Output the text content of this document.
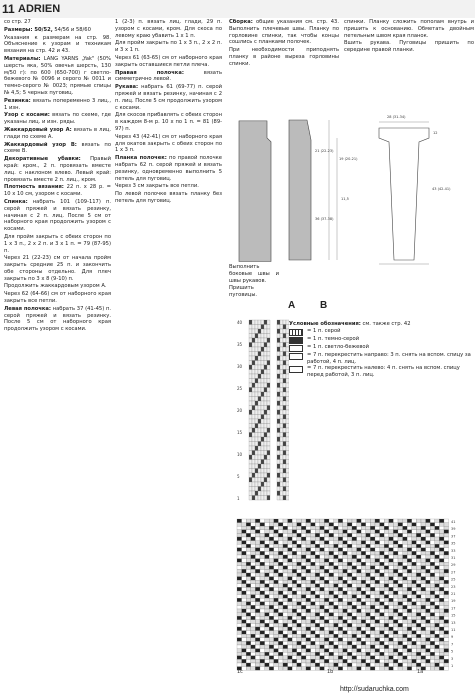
11 ADRIEN

со стр. 27

Размеры: 50/52, 54/56 и 58/60

Указания к размерам на стр. 98. Объяснение к узорам и техникам вязания на стр. 42 и 43.

Материалы: LANG YARNS „Yak" (50% шерсть яка, 50% овечья шерсть, 130 м/50 г): по 600 (650-700) г светло-бежевого № 0096 и серого № 0011 и темно-серого № 0023; прямые спицы № 4,5; 5 черных пуговиц.

Резинка: вязать попеременно 3 лиц., 1 изн.

Узор с косами: вязать по схеме, где указаны лиц. и изн. ряды.

Жаккардовый узор А: вязать в лиц. глади по схеме А.

Жаккардовый узор В: вязать по схеме В.

Декоративные убавки: Правый край: кром., 2 п. провязать вместе лиц. с наклоном влево. Левый край: провязать вместе 2 п. лиц., кром.

Плотность вязания: 22 п. х 28 р. = 10 х 10 см, узором с косами.

Спинка: набрать 101 (109-117) п. серой пряжей и вязать резинку, начиная с 2 п. лиц. После 5 см от наборного края продолжить узором с косами.

Для пройм закрыть с обеих сторон по 1 х 3 п., 2 х 2 п. и 3 х 1 п. = 79 (87-95) п.

Через 21 (22-23) см от начала пройм закрыть средние 25 п. и закончить обе стороны отдельно. Для плеч закрыть по 3 х 8 (9-10) п.

Продолжить жаккардовым узором А.

Через 62 (64-66) см от наборного края закрыть все петли.

Левая полочка: набрать 37 (41-45) п. серой пряжей и вязать резинку. После 5 см от наборного края продолжить узором с косами.

1 (2-3) п. вязать лиц. глади, 29 п. узором с косами, кром. Для скоса по левому краю убавить 1 х 1 п.

Для пройм закрыть по 1 х 3 п., 2 х 2 п. и 3 х 1 п.

Через 61 (63-65) см от наборного края закрыть оставшиеся петли плеча.

Правая полочка: вязать симметрично левой.

Рукава: набрать 61 (69-77) п. серой пряжей и вязать резинку, начиная с 2 п. лиц. После 5 см продолжить узором с косами.

Для скосов прибавлять с обеих сторон в каждом 8-м р. 10 х по 1 п. = 81 (89-97) п.

Через 43 (42-41) см от наборного края для окатов закрыть с обеих сторон по 1 х 3 п.

Планка полочек: по правой полочке набрать 62 п. серой пряжей и вязать резинку, одновременно выполнить 5 петель для пуговиц.

Через 3 см закрыть все петли.

По левой полочке вязать планку без петель для пуговиц.

Сборка: общие указания см. стр. 43. Выполнить плечевые швы. Планку по горловине спинки, так чтобы концы сошлись с планками полочек.

При необходимости приподнять планку в районе выреза горловины спинки.

спинки. Планку сложить пополам внутрь и пришить к основанию. Обметать двойным петельным швом края планок.

Вшить рукава. Пуговицы пришить по середине правой планки.

Выполнить боковые швы и швы рукавов.

Пришить пуговицы.

28 (31-34)
21 (22-23)
19 (20-21)
36 (37-38)
11,5
43 (42-41)
12
40
35
30
25
20
15
10
5
1
A B
Условные обозначения: см. также стр. 42
= 1 п. серой
= 1 п. темно-серой
= 1 п. светло-бежевой
= 7 п. перекрестить направо: 3 п. снять на вспом. спицу за работой, 4 п. лиц.
= 7 п. перекрестить налево: 4 п. снять на вспом. спицу перед работой, 3 п. лиц.
41
39
37
35
33
31
29
27
25
23
21
19
17
15
13
11
9
7
5
3
1
1с	1b	1a
http://sudaruchka.com
